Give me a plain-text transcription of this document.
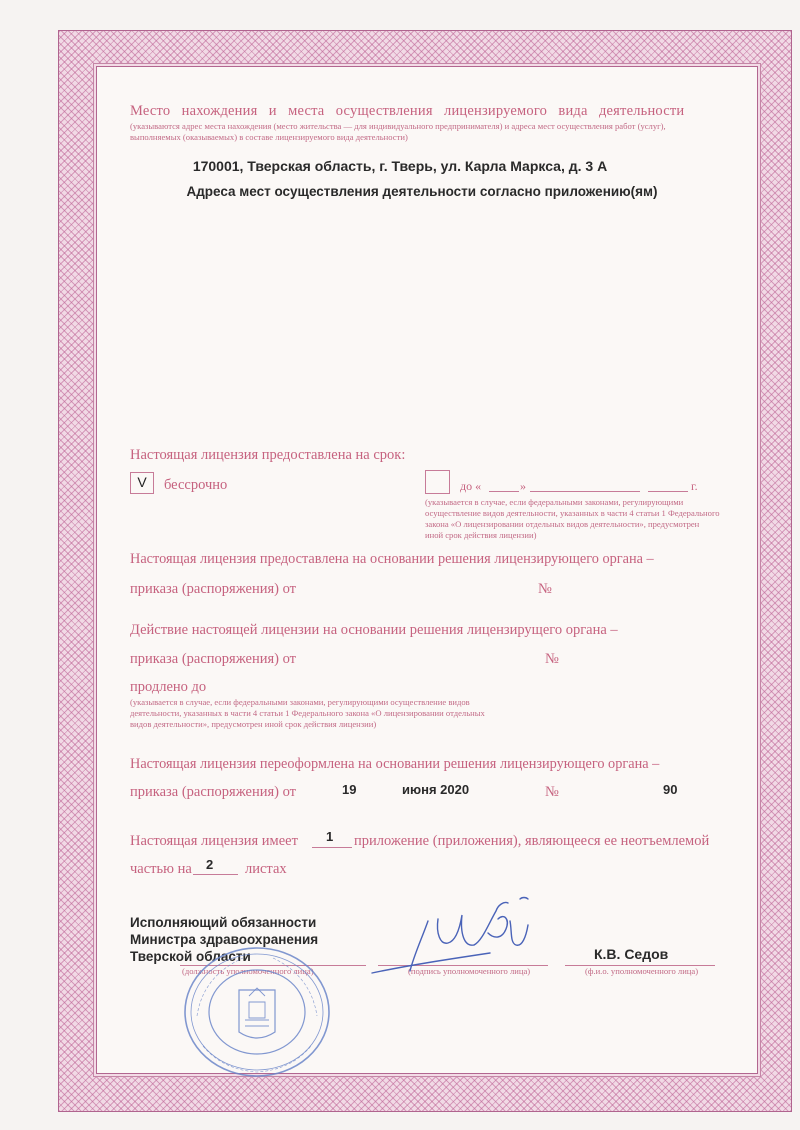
Место нахождения и места осуществления лицензируемого вида деятельности
(указываются адрес места нахождения (место жительства — для индивидуального предпринимателя) и адреса мест осуществления работ (услуг),
выполняемых (оказываемых) в составе лицензируемого вида деятельности)
170001, Тверская область, г. Тверь, ул. Карла Маркса, д. 3 А
Адреса мест осуществления деятельности согласно приложению(ям)
Настоящая лицензия предоставлена на срок:
V	бессрочно	до «	»	г.
(указывается в случае, если федеральными законами, регулирующими
осуществление видов деятельности, указанных в части 4 статьи 1 Федерального
закона «О лицензировании отдельных видов деятельности», предусмотрен
иной срок действия лицензии)
Настоящая лицензия предоставлена на основании решения лицензирующего органа –
приказа (распоряжения) от	№
Действие настоящей лицензии на основании решения лицензирущего органа –
приказа (распоряжения) от	№
продлено до
(указывается в случае, если федеральными законами, регулирующими осуществление видов
деятельности, указанных в части 4 статьи 1 Федерального закона «О лицензировании отдельных
видов деятельности», предусмотрен иной срок действия лицензии)
Настоящая лицензия переоформлена на основании решения лицензирующего органа –
приказа (распоряжения) от	19	июня 2020	№	90
Настоящая лицензия имеет 1 приложение (приложения), являющееся ее неотъемлемой
частью на 2 листах
Исполняющий обязанности
Министра здравоохранения
Тверской области
(должность уполномоченного лица)	(подпись уполномоченного лица)
К.В. Седов
(ф.и.о. уполномоченного лица)
